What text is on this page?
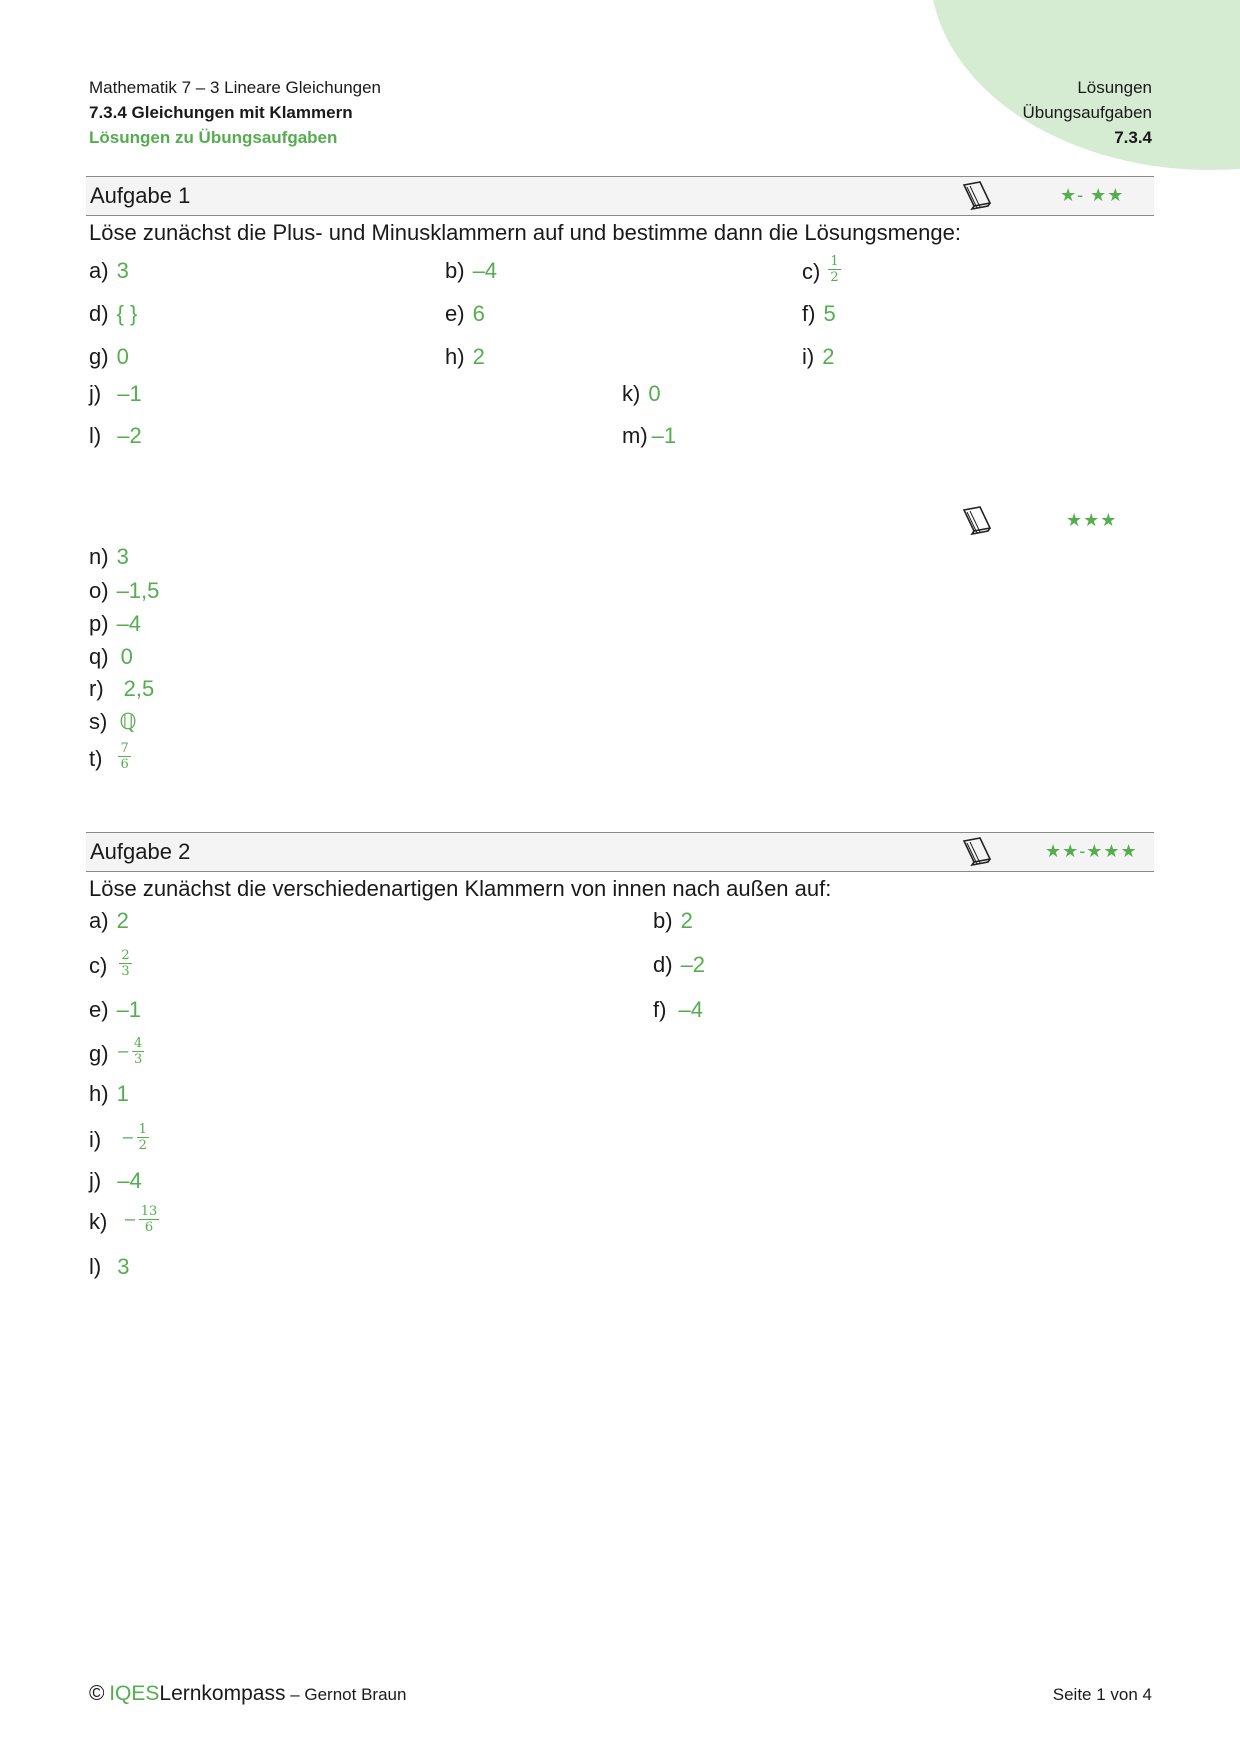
Mathematik 7 – 3 Lineare Gleichungen
7.3.4 Gleichungen mit Klammern
Lösungen zu Übungsaufgaben
Lösungen
Übungsaufgaben
7.3.4
Aufgabe 1	★- ★★
Löse zunächst die Plus- und Minusklammern auf und bestimme dann die Lösungsmenge:
a) 3	b) –4	$c) \frac{1}{2}$
d) { }	e) 6	f) 5
g) 0	h) 2	i) 2
j) –1	k) 0
l) –2	m) –1
★★★
n) 3
o) –1,5
p) –4
q) 0
r) 2,5
s) ℚ
$t) \frac{7}{6}$
Aufgabe 2	★★-★★★
Löse zunächst die verschiedenartigen Klammern von innen nach außen auf:
a) 2	b) 2
$c) \frac{2}{3}$	d) –2
e) –1	f) –4
$g) - \frac{4}{3}$
h) 1
$i) - \frac{1}{2}$
j) –4
$k) - \frac{13}{6}$
l) 3
© IQESLernkompass – Gernot Braun	Seite 1 von 4
